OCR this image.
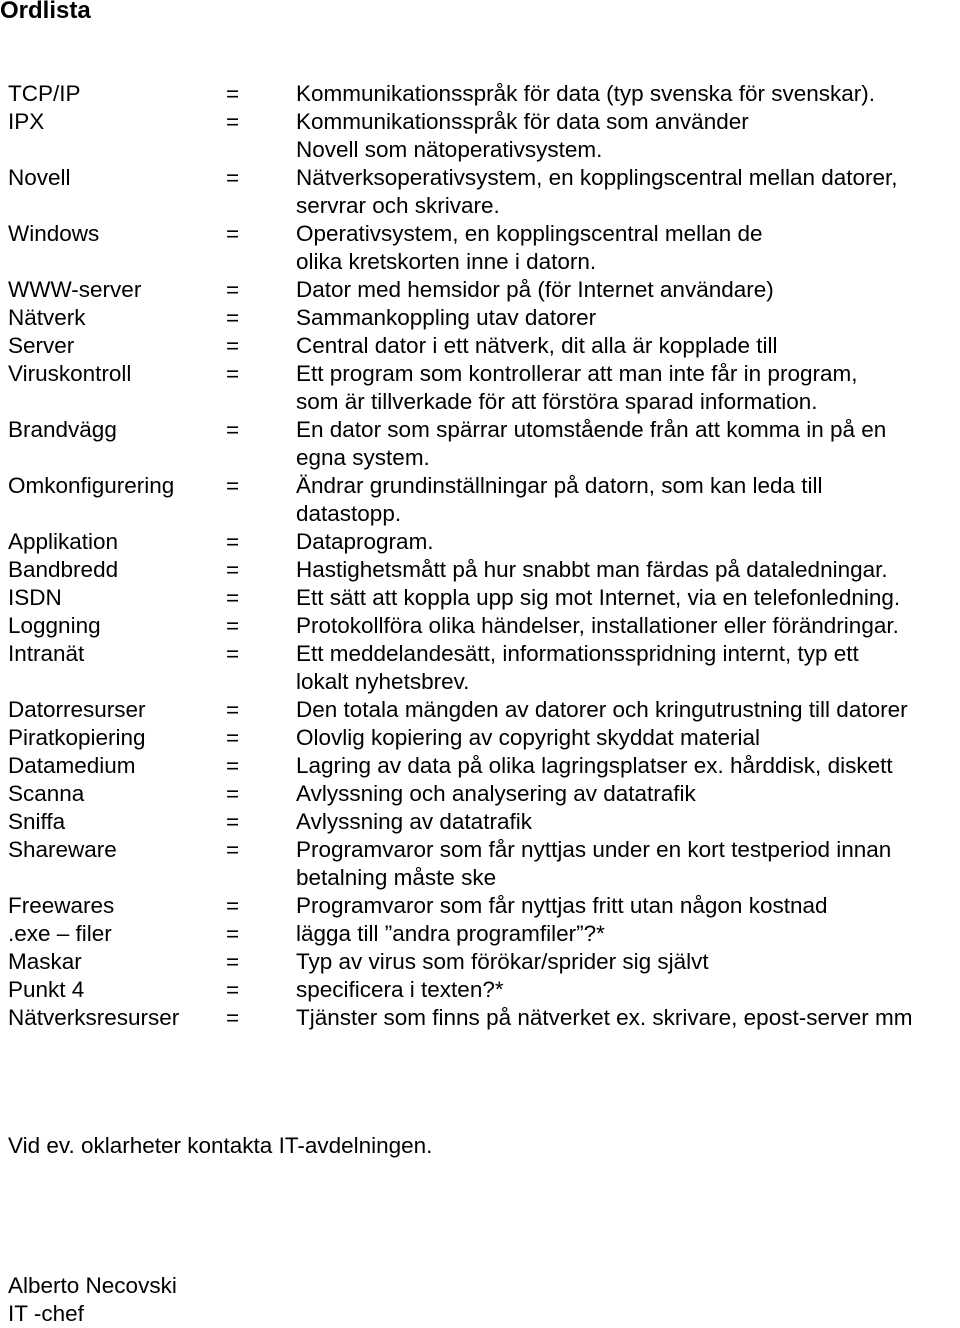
Ordlista
TCP/IP	=	Kommunikationsspråk för data (typ svenska för svenskar).
IPX	=	Kommunikationsspråk för data som använder
Novell som nätoperativsystem.
Novell	=	Nätverksoperativsystem, en kopplingscentral mellan datorer,
servrar och skrivare.
Windows	=	Operativsystem, en kopplingscentral mellan de
olika kretskorten inne i datorn.
WWW-server	=	Dator med hemsidor på (för Internet användare)
Nätverk	=	Sammankoppling utav datorer
Server	=	Central dator i ett nätverk, dit alla är kopplade till
Viruskontroll	=	Ett program som kontrollerar att man inte får in program,
som är tillverkade för att förstöra sparad information.
Brandvägg	=	En dator som spärrar utomstående från att komma in på en
egna system.
Omkonfigurering	=	Ändrar grundinställningar på datorn, som kan leda till
datastopp.
Applikation	=	Dataprogram.
Bandbredd	=	Hastighetsmått på hur snabbt man färdas på dataledningar.
ISDN	=	Ett sätt att koppla upp sig mot Internet, via en telefonledning.
Loggning	=	Protokollföra olika händelser, installationer eller förändringar.
Intranät	=	Ett meddelandesätt, informationsspridning internt, typ ett
lokalt nyhetsbrev.
Datorresurser	=	Den totala mängden av datorer och kringutrustning till datorer
Piratkopiering	=	Olovlig kopiering av copyright skyddat material
Datamedium	=	Lagring av data på olika lagringsplatser ex. hårddisk, diskett
Scanna	=	Avlyssning och analysering av datatrafik
Sniffa	=	Avlyssning av datatrafik
Shareware	=	Programvaror som får nyttjas under en kort testperiod innan
betalning måste ske
Freewares	=	Programvaror som får nyttjas fritt utan någon kostnad
.exe – filer	=	lägga till ”andra programfiler”?*
Maskar	=	Typ av virus som förökar/sprider sig självt
Punkt 4	=	specificera i texten?*
Nätverksresurser	=	Tjänster som finns på nätverket ex. skrivare, epost-server mm
Vid ev. oklarheter kontakta IT-avdelningen.
Alberto Necovski
IT -chef
